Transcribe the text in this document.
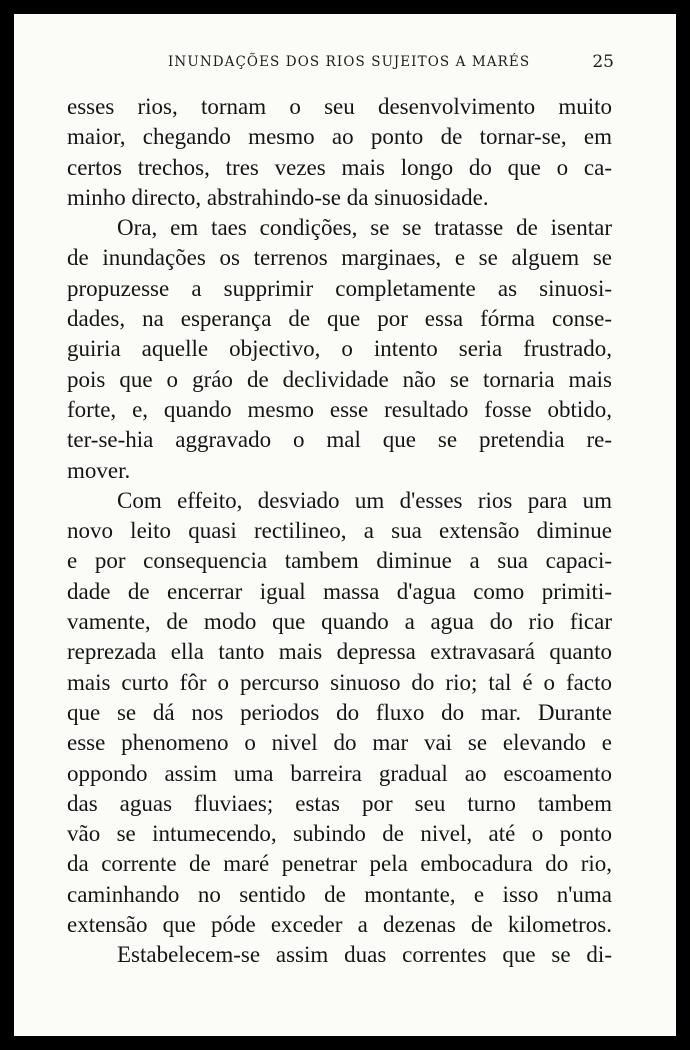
INUNDAÇÕES DOS RIOS SUJEITOS A MARÉS	25
esses rios, tornam o seu desenvolvimento muito
maior, chegando mesmo ao ponto de tornar-se, em
certos trechos, tres vezes mais longo do que o ca-
minho directo, abstrahindo-se da sinuosidade.
Ora, em taes condições, se se tratasse de isentar
de inundações os terrenos marginaes, e se alguem se
propuzesse a supprimir completamente as sinuosi-
dades, na esperança de que por essa fórma conse-
guiria aquelle objectivo, o intento seria frustrado,
pois que o gráo de declividade não se tornaria mais
forte, e, quando mesmo esse resultado fosse obtido,
ter-se-hia aggravado o mal que se pretendia re-
mover.
Com effeito, desviado um d'esses rios para um
novo leito quasi rectilineo, a sua extensão diminue
e por consequencia tambem diminue a sua capaci-
dade de encerrar igual massa d'agua como primiti-
vamente, de modo que quando a agua do rio ficar
reprezada ella tanto mais depressa extravasará quanto
mais curto fôr o percurso sinuoso do rio; tal é o facto
que se dá nos periodos do fluxo do mar. Durante
esse phenomeno o nivel do mar vai se elevando e
oppondo assim uma barreira gradual ao escoamento
das aguas fluviaes; estas por seu turno tambem
vão se intumecendo, subindo de nivel, até o ponto
da corrente de maré penetrar pela embocadura do rio,
caminhando no sentido de montante, e isso n'uma
extensão que póde exceder a dezenas de kilometros.
Estabelecem-se assim duas correntes que se di-
